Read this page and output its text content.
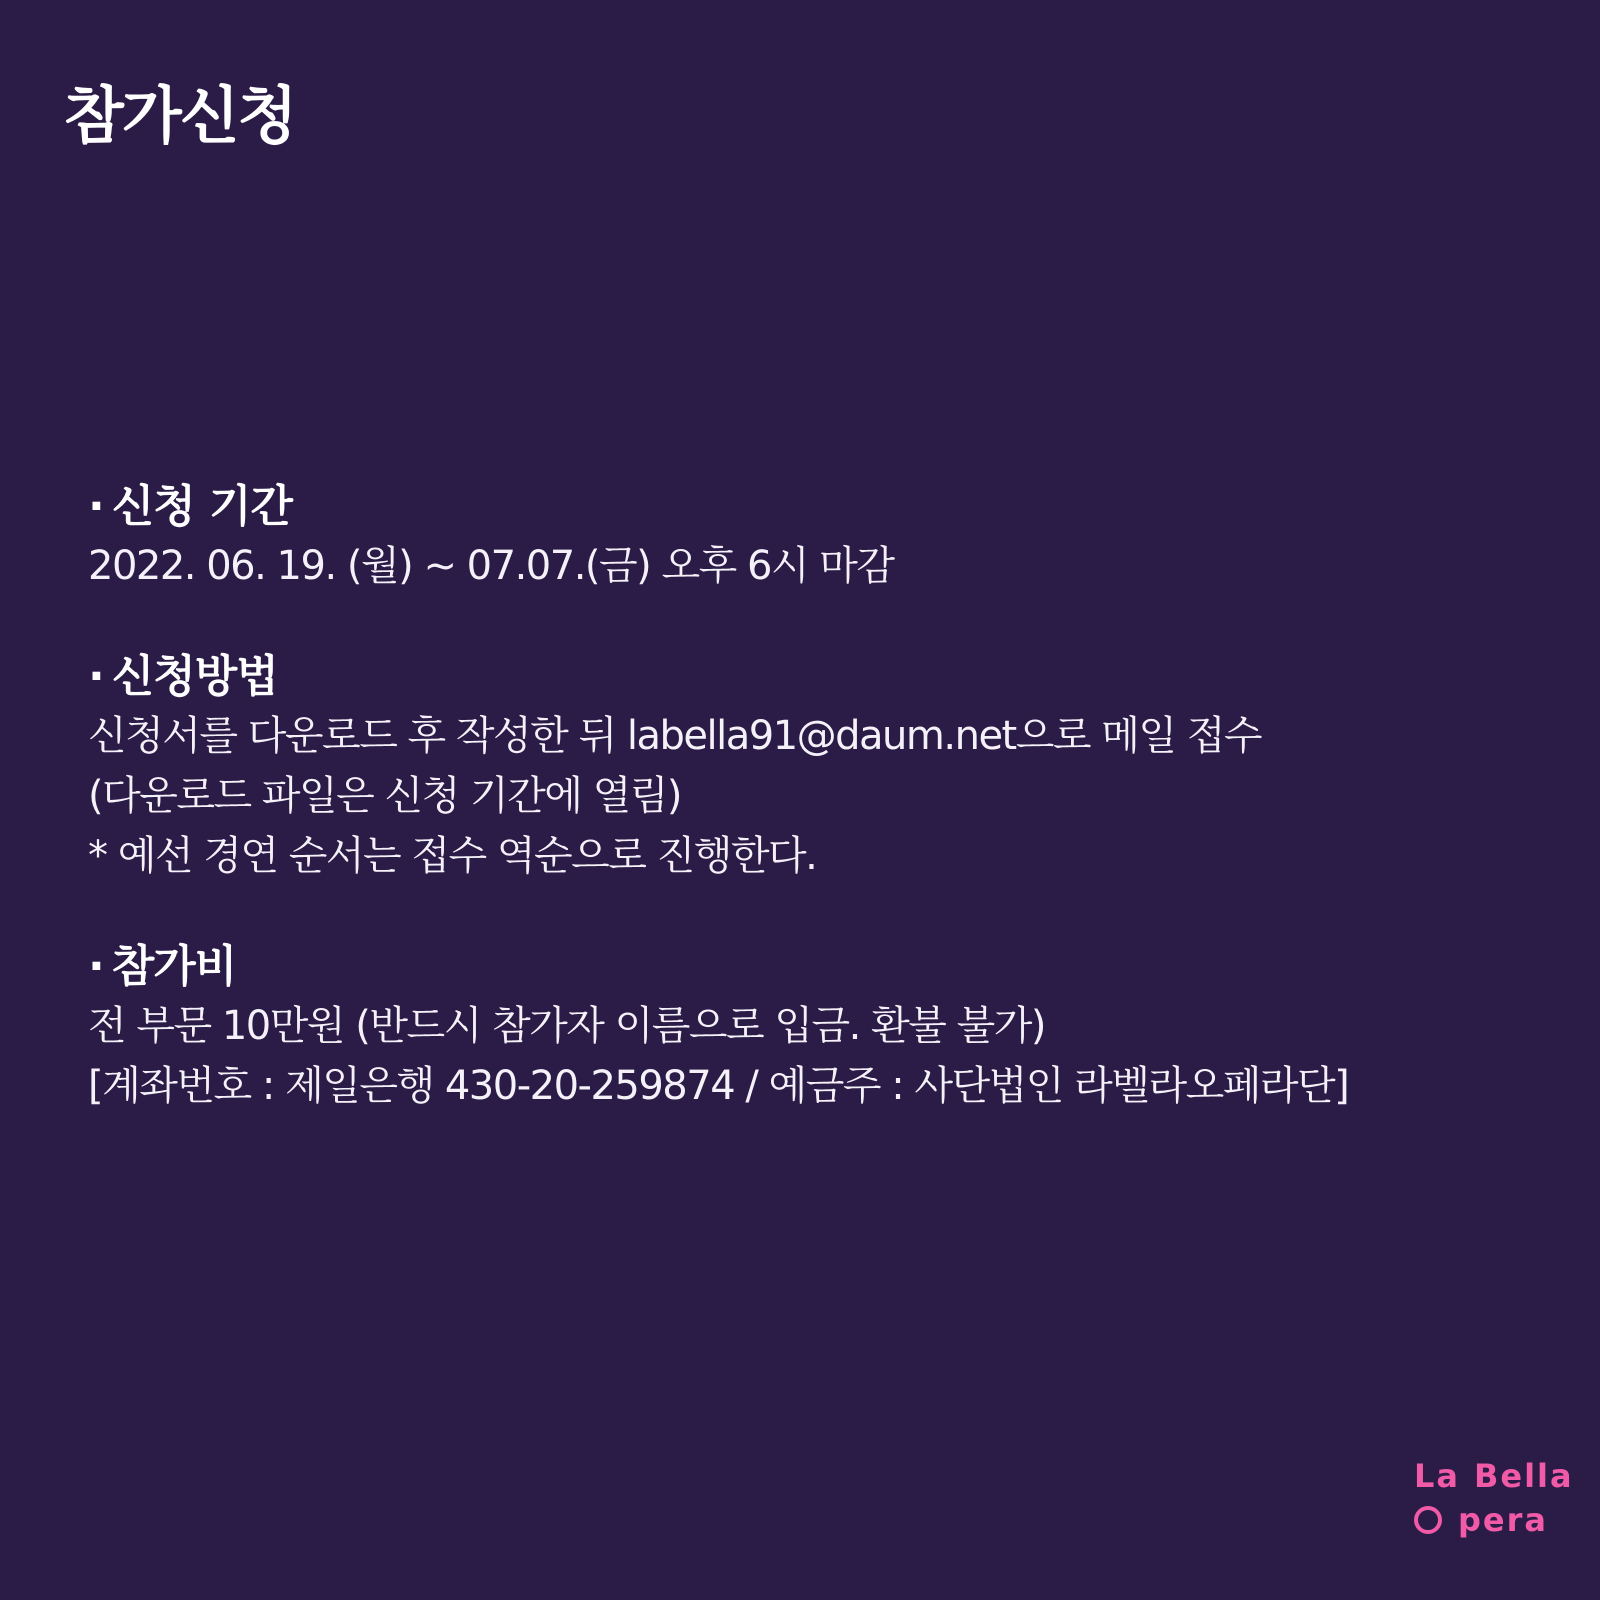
참가신청

· 신청 기간

2022. 06. 19. (월) ~ 07.07.(금) 오후 6시 마감

· 신청방법

신청서를 다운로드 후 작성한 뒤 labella91@daum.net으로 메일 접수

(다운로드 파일은 신청 기간에 열림)

* 예선 경연 순서는 접수 역순으로 진행한다.

· 참가비

전 부문 10만원 (반드시 참가자 이름으로 입금. 환불 불가)

[계좌번호 : 제일은행 430-20-259874 / 예금주 : 사단법인 라벨라오페라단]

La Bella
pera
